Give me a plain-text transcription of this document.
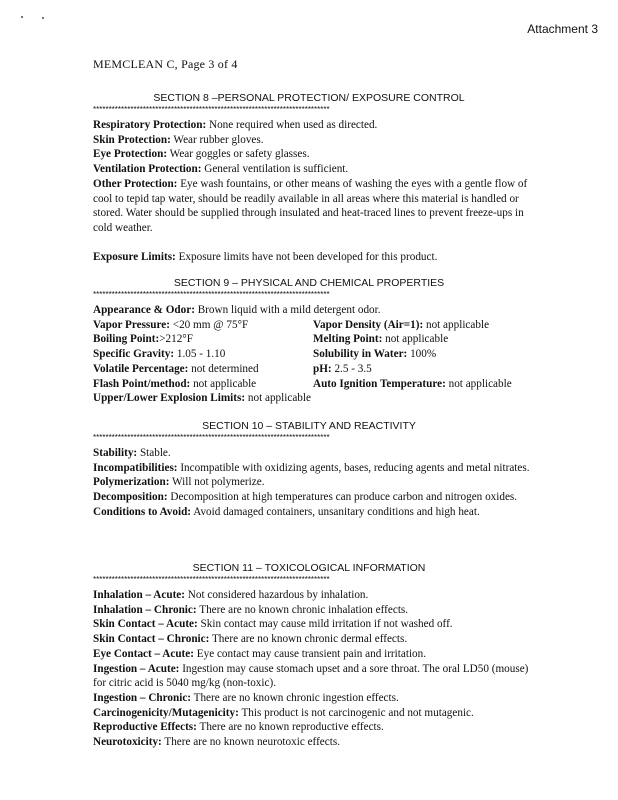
Attachment 3
MEMCLEAN C, Page 3 of 4
SECTION 8 –PERSONAL PROTECTION/ EXPOSURE CONTROL
****************************************************************************

Respiratory Protection: None required when used as directed.

Skin Protection: Wear rubber gloves.

Eye Protection: Wear goggles or safety glasses.

Ventilation Protection: General ventilation is sufficient.

Other Protection: Eye wash fountains, or other means of washing the eyes with a gentle flow of cool to tepid tap water, should be readily available in all areas where this material is handled or stored. Water should be supplied through insulated and heat-traced lines to prevent freeze-ups in cold weather.

Exposure Limits: Exposure limits have not been developed for this product.

SECTION 9 – PHYSICAL AND CHEMICAL PROPERTIES
****************************************************************************

Appearance & Odor: Brown liquid with a mild detergent odor.

Vapor Pressure: <20 mm @ 75°F	Vapor Density (Air=1): not applicable
Boiling Point:>212°F	Melting Point: not applicable
Specific Gravity: 1.05 - 1.10	Solubility in Water: 100%
Volatile Percentage: not determined	pH: 2.5 - 3.5
Flash Point/method: not applicable	Auto Ignition Temperature: not applicable

Upper/Lower Explosion Limits: not applicable

SECTION 10 – STABILITY AND REACTIVITY
****************************************************************************

Stability: Stable.

Incompatibilities: Incompatible with oxidizing agents, bases, reducing agents and metal nitrates.

Polymerization: Will not polymerize.

Decomposition: Decomposition at high temperatures can produce carbon and nitrogen oxides.

Conditions to Avoid: Avoid damaged containers, unsanitary conditions and high heat.

SECTION 11 – TOXICOLOGICAL INFORMATION
****************************************************************************

Inhalation – Acute: Not considered hazardous by inhalation.

Inhalation – Chronic: There are no known chronic inhalation effects.

Skin Contact – Acute: Skin contact may cause mild irritation if not washed off.

Skin Contact – Chronic: There are no known chronic dermal effects.

Eye Contact – Acute: Eye contact may cause transient pain and irritation.

Ingestion – Acute: Ingestion may cause stomach upset and a sore throat. The oral LD50 (mouse) for citric acid is 5040 mg/kg (non-toxic).

Ingestion – Chronic: There are no known chronic ingestion effects.

Carcinogenicity/Mutagenicity: This product is not carcinogenic and not mutagenic.

Reproductive Effects: There are no known reproductive effects.

Neurotoxicity: There are no known neurotoxic effects.
